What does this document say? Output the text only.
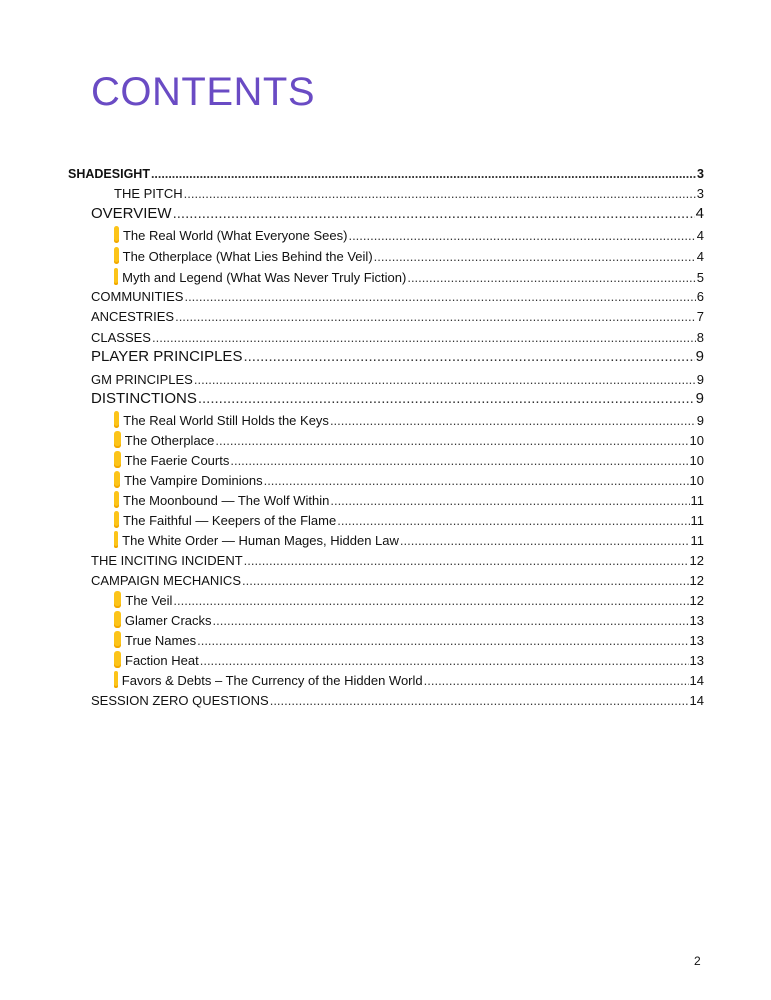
CONTENTS
SHADESIGHT .....	3
THE PITCH .....	3
OVERVIEW .....	4
The Real World (What Everyone Sees) .....	4
The Otherplace (What Lies Behind the Veil) .....	4
Myth and Legend (What Was Never Truly Fiction) .....	5
COMMUNITIES .....	6
ANCESTRIES .....	7
CLASSES .....	8
PLAYER PRINCIPLES .....	9
GM PRINCIPLES .....	9
DISTINCTIONS .....	9
The Real World Still Holds the Keys .....	9
The Otherplace .....	10
The Faerie Courts .....	10
The Vampire Dominions .....	10
The Moonbound — The Wolf Within .....	11
The Faithful — Keepers of the Flame .....	11
The White Order — Human Mages, Hidden Law .....	11
THE INCITING INCIDENT .....	12
CAMPAIGN MECHANICS .....	12
The Veil .....	12
Glamer Cracks .....	13
True Names .....	13
Faction Heat .....	13
Favors & Debts – The Currency of the Hidden World .....	14
SESSION ZERO QUESTIONS .....	14
2
